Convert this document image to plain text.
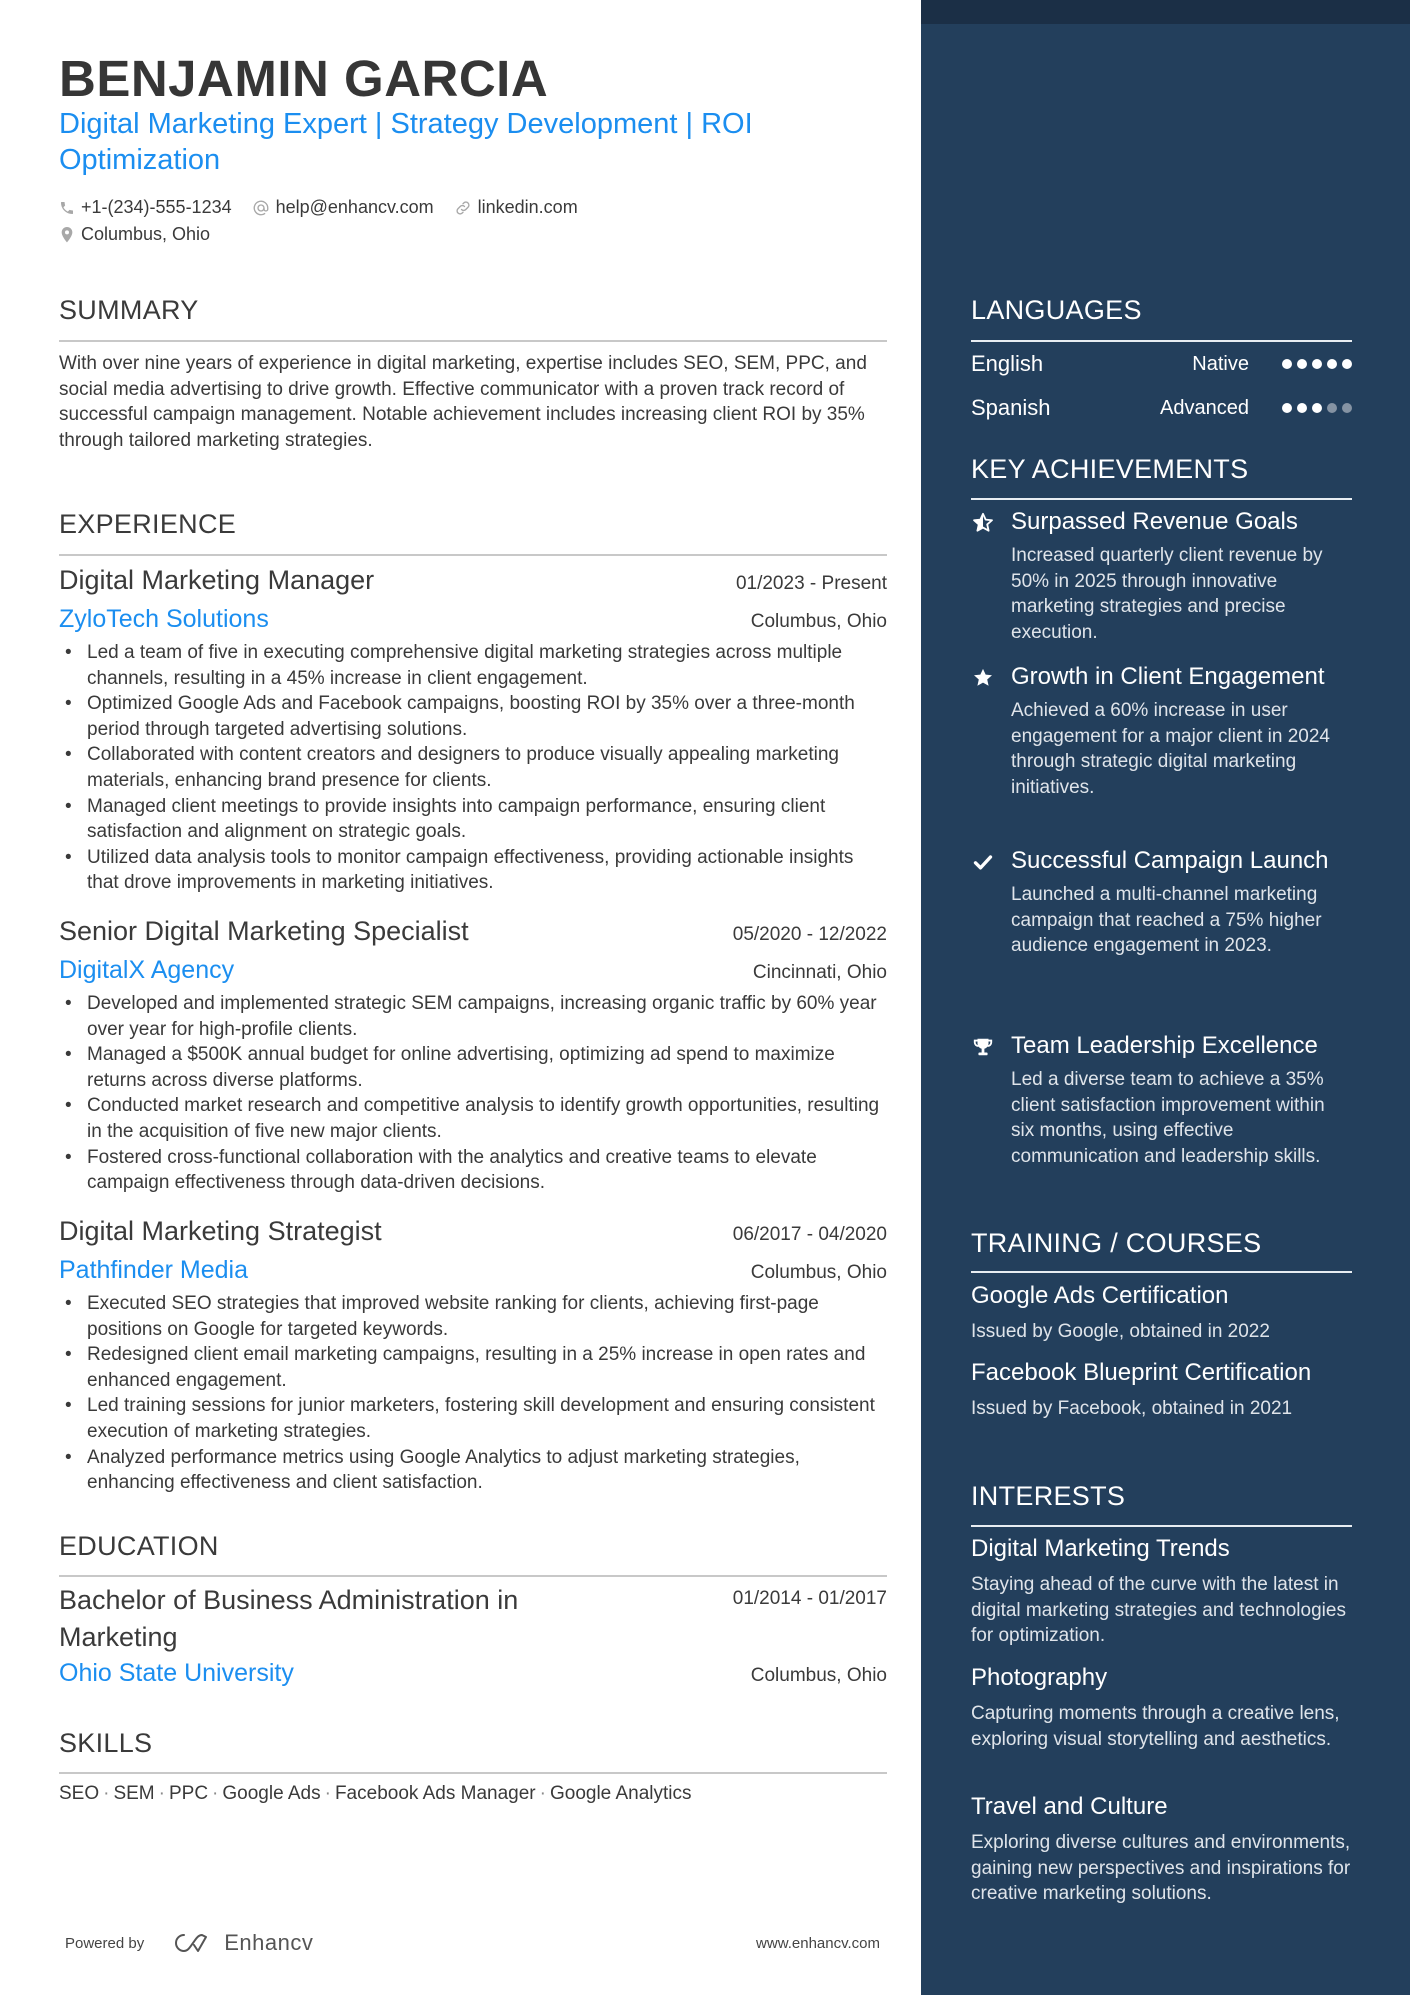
BENJAMIN GARCIA
Digital Marketing Expert | Strategy Development | ROI Optimization
+1-(234)-555-1234 help@enhancv.com linkedin.com
Columbus, Ohio
SUMMARY
With over nine years of experience in digital marketing, expertise includes SEO, SEM, PPC, and social media advertising to drive growth. Effective communicator with a proven track record of successful campaign management. Notable achievement includes increasing client ROI by 35% through tailored marketing strategies.
EXPERIENCE
Digital Marketing Manager	01/2023 - Present
ZyloTech Solutions	Columbus, Ohio
• Led a team of five in executing comprehensive digital marketing strategies across multiple channels, resulting in a 45% increase in client engagement.
• Optimized Google Ads and Facebook campaigns, boosting ROI by 35% over a three-month period through targeted advertising solutions.
• Collaborated with content creators and designers to produce visually appealing marketing materials, enhancing brand presence for clients.
• Managed client meetings to provide insights into campaign performance, ensuring client satisfaction and alignment on strategic goals.
• Utilized data analysis tools to monitor campaign effectiveness, providing actionable insights that drove improvements in marketing initiatives.
Senior Digital Marketing Specialist	05/2020 - 12/2022
DigitalX Agency	Cincinnati, Ohio
• Developed and implemented strategic SEM campaigns, increasing organic traffic by 60% year over year for high-profile clients.
• Managed a $500K annual budget for online advertising, optimizing ad spend to maximize returns across diverse platforms.
• Conducted market research and competitive analysis to identify growth opportunities, resulting in the acquisition of five new major clients.
• Fostered cross-functional collaboration with the analytics and creative teams to elevate campaign effectiveness through data-driven decisions.
Digital Marketing Strategist	06/2017 - 04/2020
Pathfinder Media	Columbus, Ohio
• Executed SEO strategies that improved website ranking for clients, achieving first-page positions on Google for targeted keywords.
• Redesigned client email marketing campaigns, resulting in a 25% increase in open rates and enhanced engagement.
• Led training sessions for junior marketers, fostering skill development and ensuring consistent execution of marketing strategies.
• Analyzed performance metrics using Google Analytics to adjust marketing strategies, enhancing effectiveness and client satisfaction.
EDUCATION
Bachelor of Business Administration in Marketing
01/2014 - 01/2017
Ohio State University	Columbus, Ohio
SKILLS
SEO · SEM · PPC · Google Ads · Facebook Ads Manager · Google Analytics
Powered by	Enhancv	www.enhancv.com
LANGUAGES
English	Native
Spanish	Advanced
KEY ACHIEVEMENTS
Surpassed Revenue Goals
Increased quarterly client revenue by 50% in 2025 through innovative marketing strategies and precise execution.
Growth in Client Engagement
Achieved a 60% increase in user engagement for a major client in 2024 through strategic digital marketing initiatives.
Successful Campaign Launch
Launched a multi-channel marketing campaign that reached a 75% higher audience engagement in 2023.
Team Leadership Excellence
Led a diverse team to achieve a 35% client satisfaction improvement within six months, using effective communication and leadership skills.
TRAINING / COURSES
Google Ads Certification
Issued by Google, obtained in 2022
Facebook Blueprint Certification
Issued by Facebook, obtained in 2021
INTERESTS
Digital Marketing Trends
Staying ahead of the curve with the latest in digital marketing strategies and technologies for optimization.
Photography
Capturing moments through a creative lens, exploring visual storytelling and aesthetics.
Travel and Culture
Exploring diverse cultures and environments, gaining new perspectives and inspirations for creative marketing solutions.
